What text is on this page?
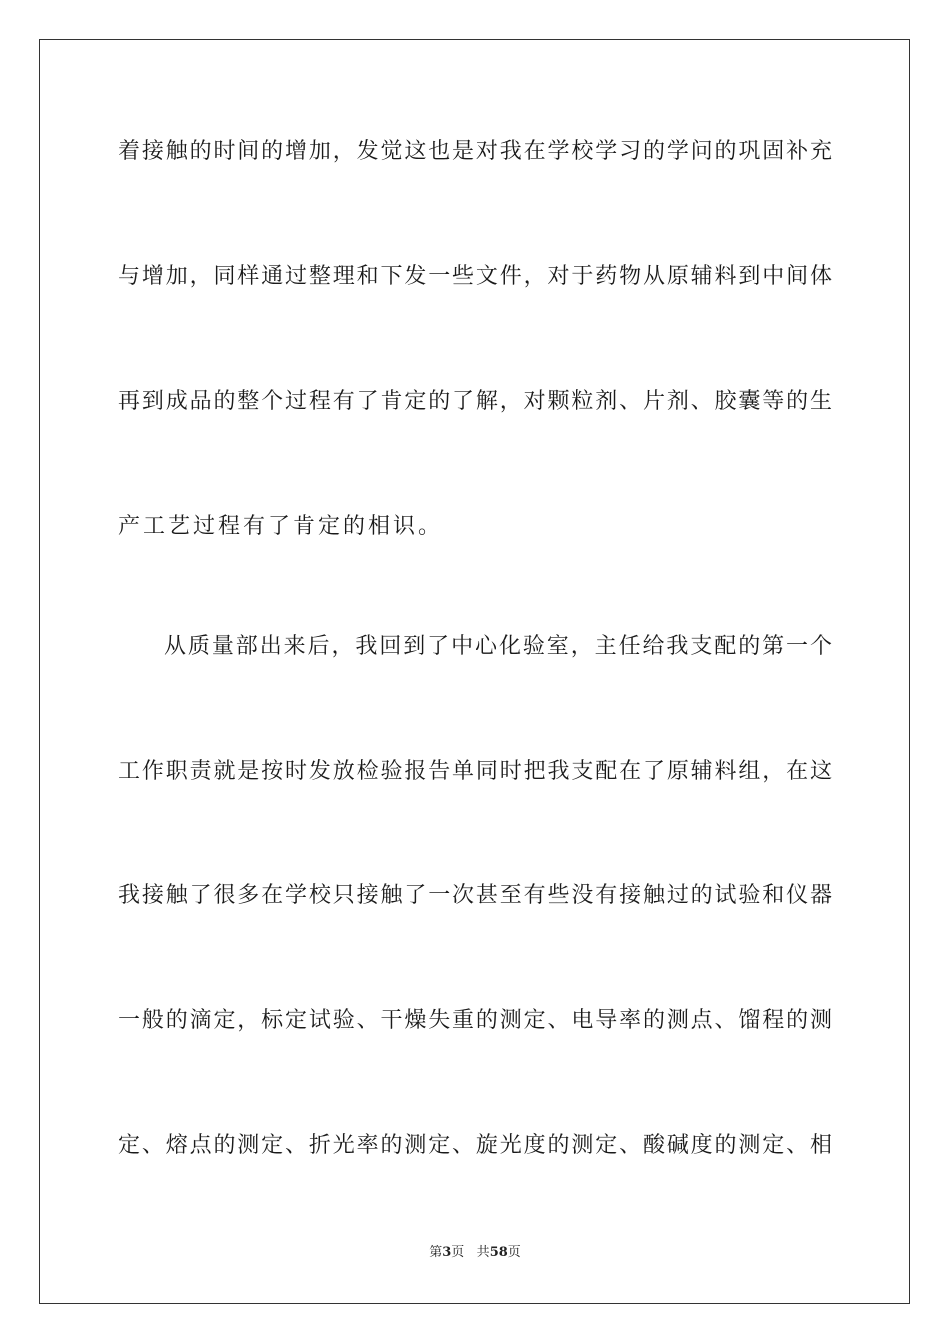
着接触的时间的增加，发觉这也是对我在学校学习的学问的巩固补充
与增加，同样通过整理和下发一些文件，对于药物从原辅料到中间体
再到成品的整个过程有了肯定的了解，对颗粒剂、片剂、胶囊等的生
产工艺过程有了肯定的相识。
从质量部出来后，我回到了中心化验室，主任给我支配的第一个
工作职责就是按时发放检验报告单同时把我支配在了原辅料组，在这
我接触了很多在学校只接触了一次甚至有些没有接触过的试验和仪器
一般的滴定，标定试验、干燥失重的测定、电导率的测点、馏程的测
定、熔点的测定、折光率的测定、旋光度的测定、酸碱度的测定、相
第3页 共58页
